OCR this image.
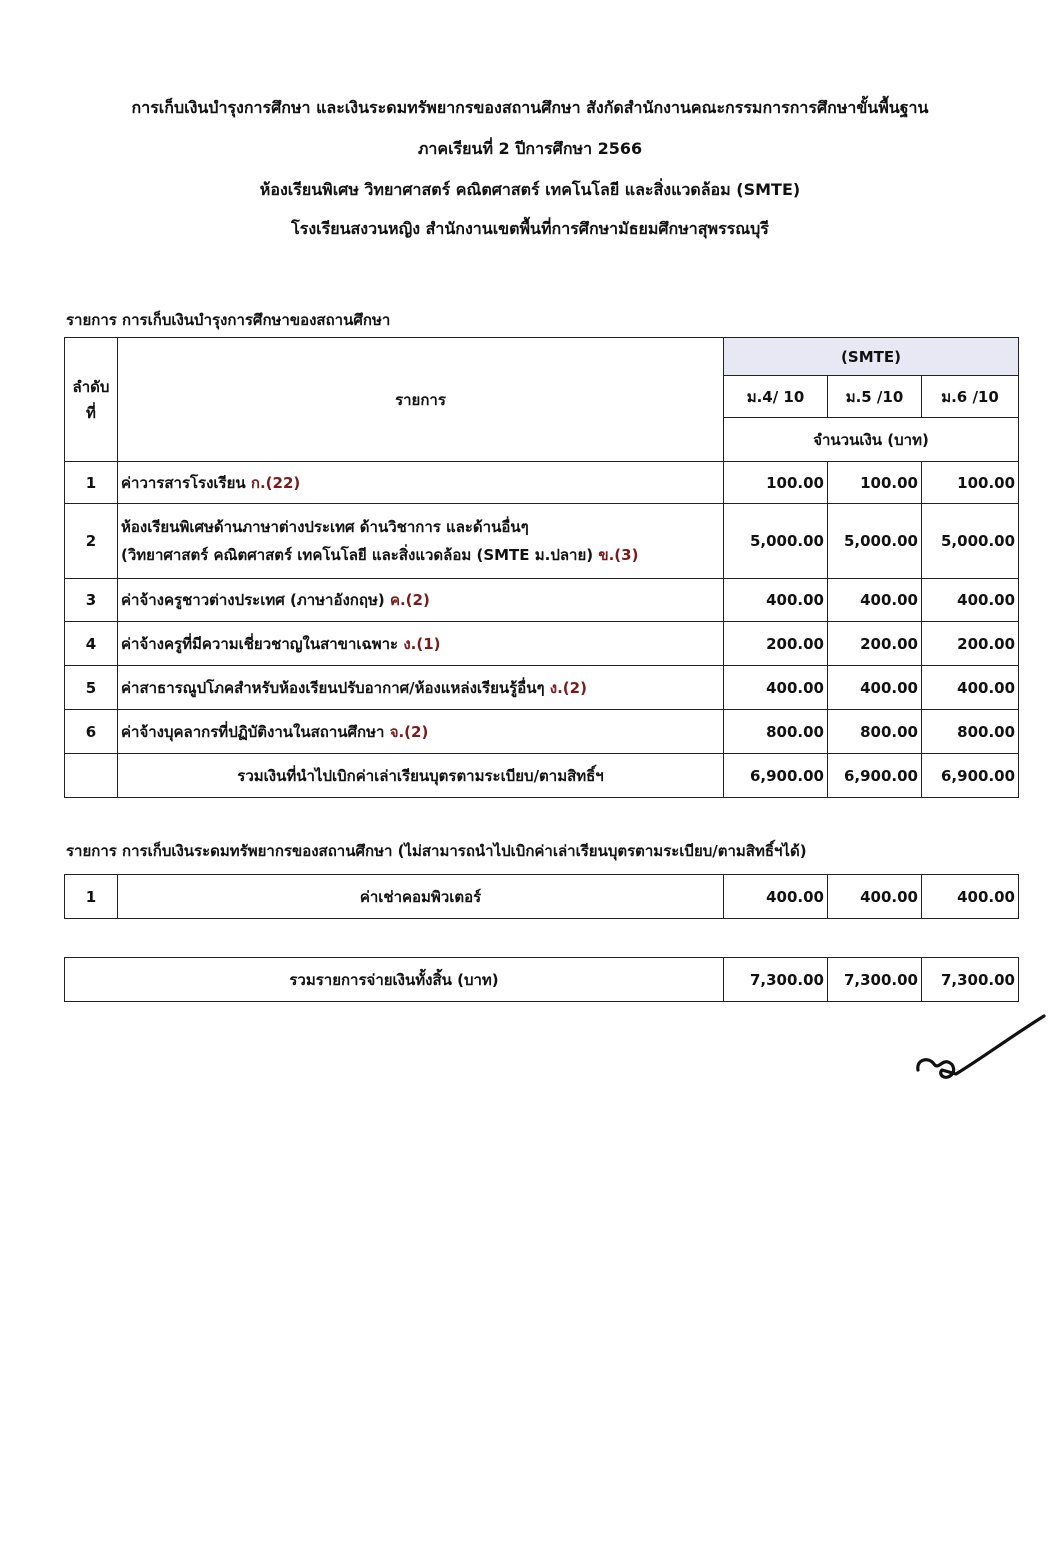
การเก็บเงินบำรุงการศึกษา และเงินระดมทรัพยากรของสถานศึกษา สังกัดสำนักงานคณะกรรมการการศึกษาขั้นพื้นฐาน
ภาคเรียนที่ 2 ปีการศึกษา 2566
ห้องเรียนพิเศษ วิทยาศาสตร์ คณิตศาสตร์ เทคโนโลยี และสิ่งแวดล้อม (SMTE)
โรงเรียนสงวนหญิง สำนักงานเขตพื้นที่การศึกษามัธยมศึกษาสุพรรณบุรี
รายการ การเก็บเงินบำรุงการศึกษาของสถานศึกษา
ลำดับที่	รายการ	(SMTE)		
		ม.4/ 10	ม.5 /10	ม.6 /10
		จำนวนเงิน (บาท)		
1	ค่าวารสารโรงเรียน ก.(22)	100.00	100.00	100.00
2	ห้องเรียนพิเศษด้านภาษาต่างประเทศ ด้านวิชาการ และด้านอื่นๆ
(วิทยาศาสตร์ คณิตศาสตร์ เทคโนโลยี และสิ่งแวดล้อม (SMTE ม.ปลาย) ข.(3)	5,000.00	5,000.00	5,000.00
3	ค่าจ้างครูชาวต่างประเทศ (ภาษาอังกฤษ) ค.(2)	400.00	400.00	400.00
4	ค่าจ้างครูที่มีความเชี่ยวชาญในสาขาเฉพาะ ง.(1)	200.00	200.00	200.00
5	ค่าสาธารณูปโภคสำหรับห้องเรียนปรับอากาศ/ห้องแหล่งเรียนรู้อื่นๆ ง.(2)	400.00	400.00	400.00
6	ค่าจ้างบุคลากรที่ปฏิบัติงานในสถานศึกษา จ.(2)	800.00	800.00	800.00
	รวมเงินที่นำไปเบิกค่าเล่าเรียนบุตรตามระเบียบ/ตามสิทธิ์ฯ	6,900.00	6,900.00	6,900.00
รายการ การเก็บเงินระดมทรัพยากรของสถานศึกษา (ไม่สามารถนำไปเบิกค่าเล่าเรียนบุตรตามระเบียบ/ตามสิทธิ์ฯได้)
1	ค่าเช่าคอมพิวเตอร์	400.00	400.00	400.00
รวมรายการจ่ายเงินทั้งสิ้น (บาท)	7,300.00	7,300.00	7,300.00
